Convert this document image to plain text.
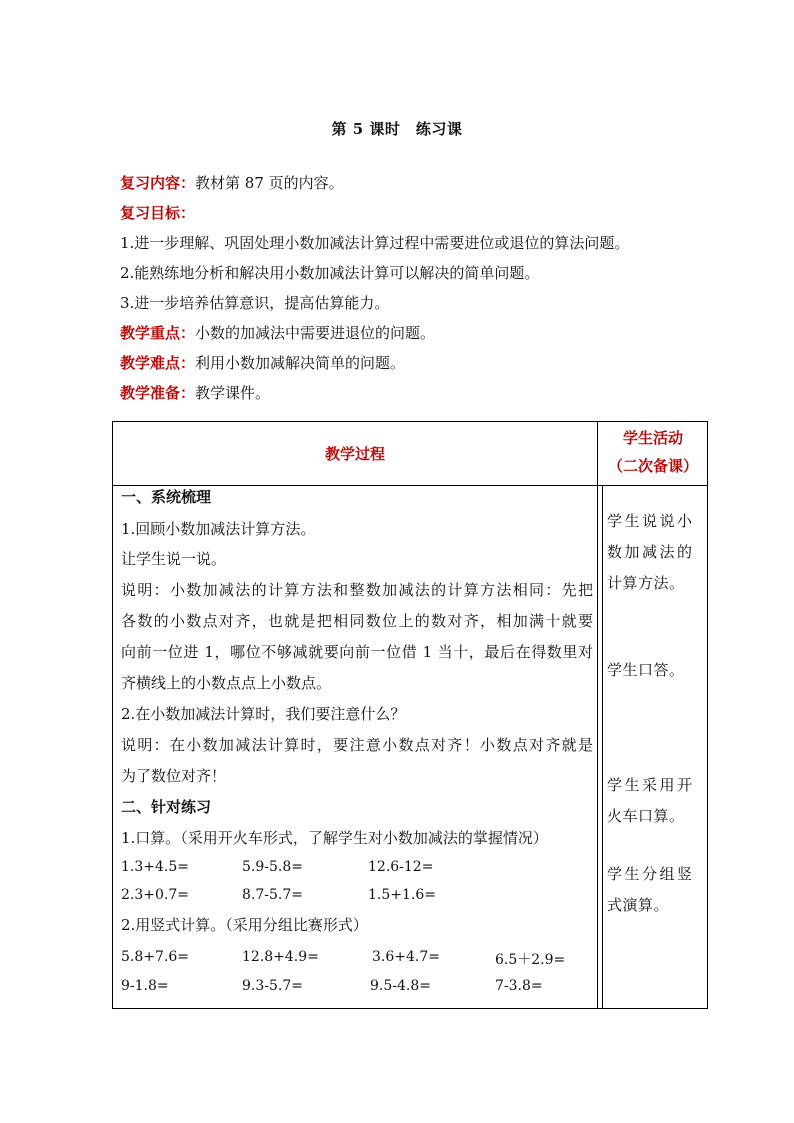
第 5 课时　练习课
复习内容：教材第 87 页的内容。
复习目标：
1.进一步理解、巩固处理小数加减法计算过程中需要进位或退位的算法问题。
2.能熟练地分析和解决用小数加减法计算可以解决的简单问题。
3.进一步培养估算意识，提高估算能力。
教学重点：小数的加减法中需要进退位的问题。
教学难点：利用小数加减解决简单的问题。
教学准备：教学课件。
教学过程
学生活动
（二次备课）
一、系统梳理
1.回顾小数加减法计算方法。
让学生说一说。
说明：小数加减法的计算方法和整数加减法的计算方法相同：先把
各数的小数点对齐，也就是把相同数位上的数对齐，相加满十就要
向前一位进 1，哪位不够减就要向前一位借 1 当十，最后在得数里对
齐横线上的小数点点上小数点。
2.在小数加减法计算时，我们要注意什么？
说明：在小数加减法计算时，要注意小数点对齐！小数点对齐就是
为了数位对齐！
二、针对练习
1.口算。（采用开火车形式，了解学生对小数加减法的掌握情况）
1.3+4.5=	5.9-5.8=	12.6-12=
2.3+0.7=	8.7-5.7=	1.5+1.6=
2.用竖式计算。（采用分组比赛形式）
5.8+7.6=	12.8+4.9=	3.6+4.7=	6.5＋2.9=
9-1.8=	9.3-5.7=	9.5-4.8=	7-3.8=
学生说说小
数加减法的
计算方法。
学生口答。
学生采用开
火车口算。
学生分组竖
式演算。
